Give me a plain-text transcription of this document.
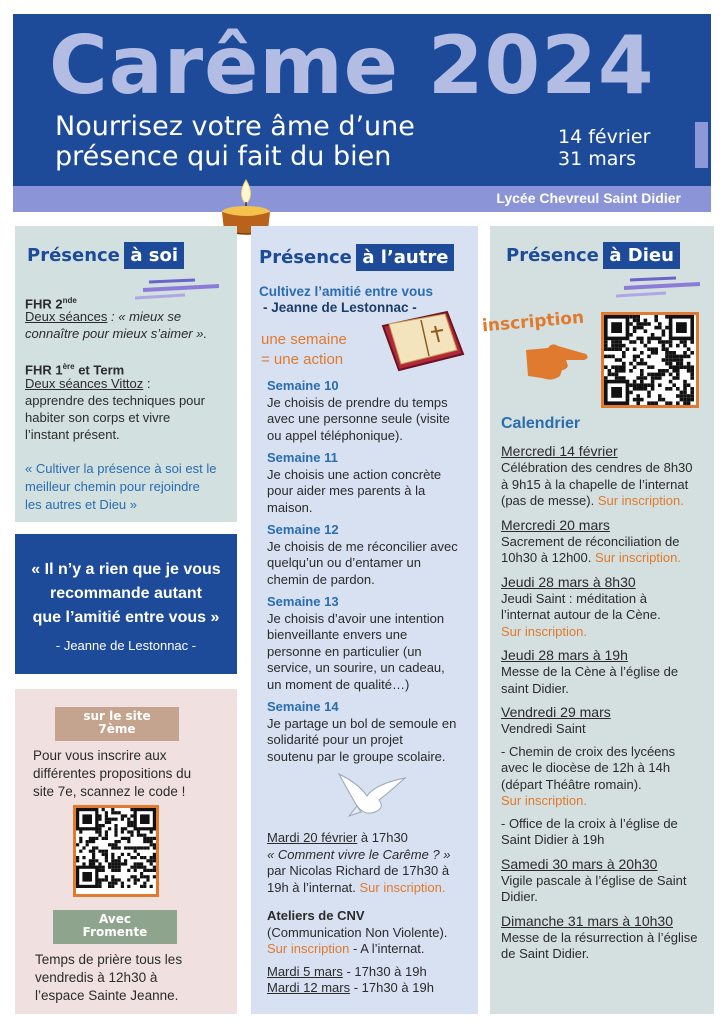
Carême 2024
Nourrisez votre âme d’une
présence qui fait du bien
14 février
31 mars
Lycée Chevreul Saint Didier
Présence à soi
FHR 2nde
Deux séances : « mieux se
connaître pour mieux s’aimer ».
FHR 1ère et Term
Deux séances Vittoz :
apprendre des techniques pour
habiter son corps et vivre
l’instant présent.
« Cultiver la présence à soi est le
meilleur chemin pour rejoindre
les autres et Dieu »
« Il n’y a rien que je vous
recommande autant
que l’amitié entre vous »
- Jeanne de Lestonnac -
sur le site
7ème
Pour vous inscrire aux
différentes propositions du
site 7e, scannez le code !
Avec
Fromente
Temps de prière tous les
vendredis à 12h30 à
l’espace Sainte Jeanne.
Présence à l’autre
Cultivez l’amitié entre vous
- Jeanne de Lestonnac -
une semaine
= une action
Semaine 10
Je choisis de prendre du temps
avec une personne seule (visite
ou appel téléphonique).
Semaine 11
Je choisis une action concrète
pour aider mes parents à la
maison.
Semaine 12
Je choisis de me réconcilier avec
quelqu’un ou d’entamer un
chemin de pardon.
Semaine 13
Je choisis d’avoir une intention
bienveillante envers une
personne en particulier (un
service, un sourire, un cadeau,
un moment de qualité…)
Semaine 14
Je partage un bol de semoule en
solidarité pour un projet
soutenu par le groupe scolaire.
Mardi 20 février à 17h30
« Comment vivre le Carême ? »
par Nicolas Richard de 17h30 à
19h à l’internat. Sur inscription.
Ateliers de CNV
(Communication Non Violente).
Sur inscription - A l’internat.
Mardi 5 mars - 17h30 à 19h
Mardi 12 mars - 17h30 à 19h
Présence à Dieu
inscription
Calendrier
Mercredi 14 février
Célébration des cendres de 8h30
à 9h15 à la chapelle de l’internat
(pas de messe). Sur inscription.
Mercredi 20 mars
Sacrement de réconciliation de
10h30 à 12h00. Sur inscription.
Jeudi 28 mars à 8h30
Jeudi Saint : méditation à
l’internat autour de la Cène.
Sur inscription.
Jeudi 28 mars à 19h
Messe de la Cène à l’église de
saint Didier.
Vendredi 29 mars
Vendredi Saint
- Chemin de croix des lycéens
avec le diocèse de 12h à 14h
(départ Théâtre romain).
Sur inscription.
- Office de la croix à l’église de
Saint Didier à 19h
Samedi 30 mars à 20h30
Vigile pascale à l’église de Saint
Didier.
Dimanche 31 mars à 10h30
Messe de la résurrection à l’église
de Saint Didier.
